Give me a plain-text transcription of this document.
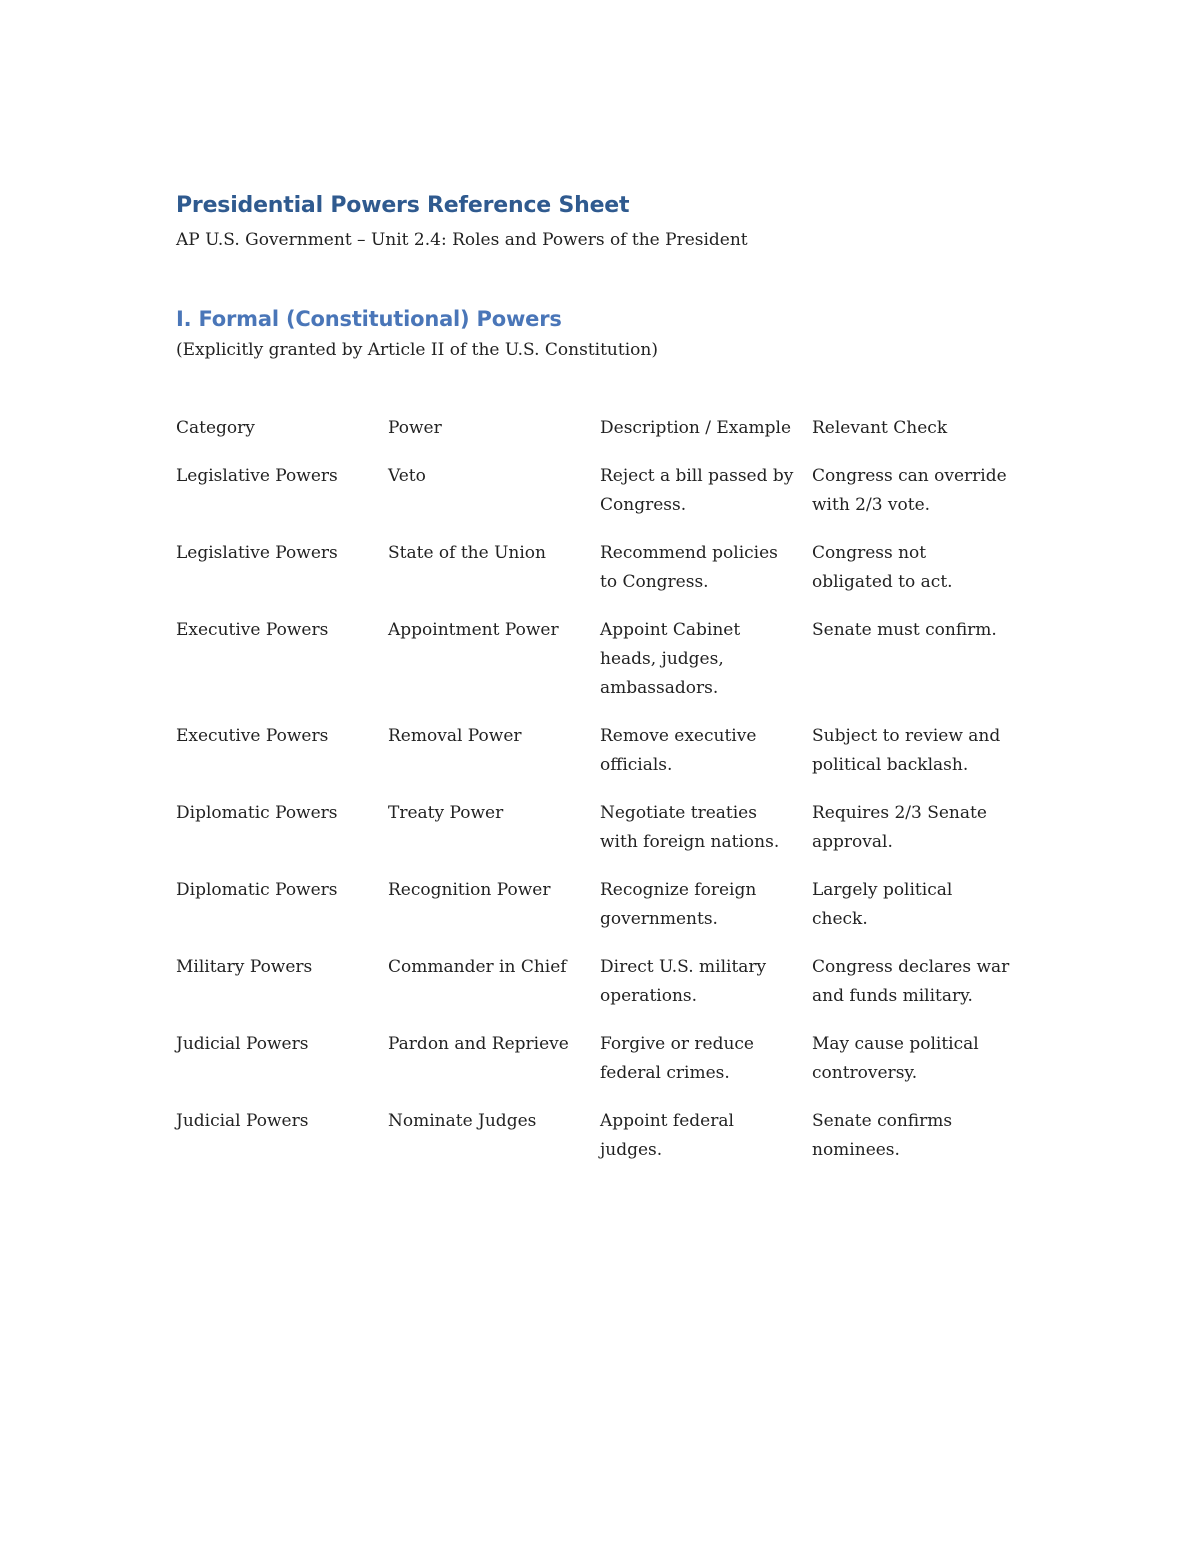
Presidential Powers Reference Sheet

AP U.S. Government – Unit 2.4: Roles and Powers of the President

I. Formal (Constitutional) Powers

(Explicitly granted by Article II of the U.S. Constitution)

Category	Power	Description / Example	Relevant Check
Legislative Powers	Veto	Reject a bill passed by Congress.	Congress can override with 2/3 vote.
Legislative Powers	State of the Union	Recommend policies to Congress.	Congress not obligated to act.
Executive Powers	Appointment Power	Appoint Cabinet heads, judges, ambassadors.	Senate must confirm.
Executive Powers	Removal Power	Remove executive officials.	Subject to review and political backlash.
Diplomatic Powers	Treaty Power	Negotiate treaties with foreign nations.	Requires 2/3 Senate approval.
Diplomatic Powers	Recognition Power	Recognize foreign governments.	Largely political check.
Military Powers	Commander in Chief	Direct U.S. military operations.	Congress declares war and funds military.
Judicial Powers	Pardon and Reprieve	Forgive or reduce federal crimes.	May cause political controversy.
Judicial Powers	Nominate Judges	Appoint federal judges.	Senate confirms nominees.
